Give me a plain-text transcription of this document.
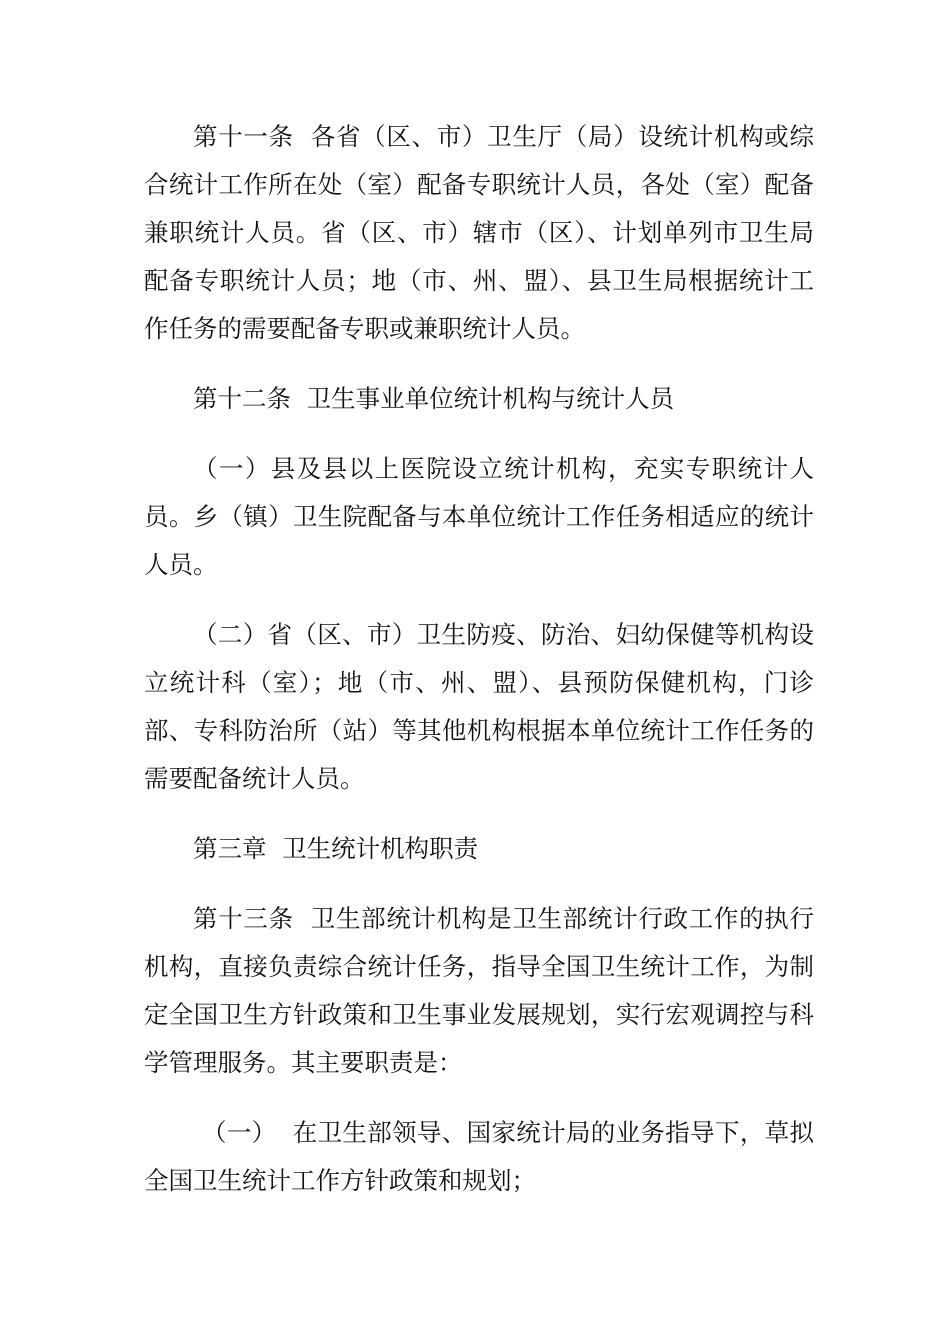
第十一条  各省（区、市）卫生厅（局）设统计机构或综合统计工作所在处（室）配备专职统计人员，各处（室）配备兼职统计人员。省（区、市）辖市（区）、计划单列市卫生局配备专职统计人员；地（市、州、盟）、县卫生局根据统计工作任务的需要配备专职或兼职统计人员。

第十二条  卫生事业单位统计机构与统计人员

（一）县及县以上医院设立统计机构，充实专职统计人员。乡（镇）卫生院配备与本单位统计工作任务相适应的统计人员。

（二）省（区、市）卫生防疫、防治、妇幼保健等机构设立统计科（室）；地（市、州、盟）、县预防保健机构，门诊部、专科防治所（站）等其他机构根据本单位统计工作任务的需要配备统计人员。

第三章  卫生统计机构职责

第十三条  卫生部统计机构是卫生部统计行政工作的执行机构，直接负责综合统计任务，指导全国卫生统计工作，为制定全国卫生方针政策和卫生事业发展规划，实行宏观调控与科学管理服务。其主要职责是：

（一）  在卫生部领导、国家统计局的业务指导下，草拟全国卫生统计工作方针政策和规划；
